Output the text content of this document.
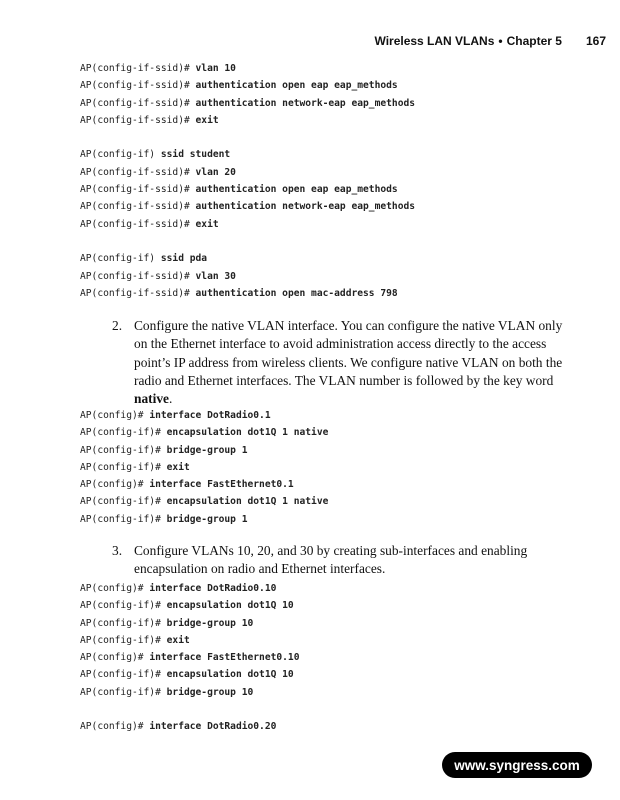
Wireless LAN VLANs • Chapter 5 167
AP(config-if-ssid)# vlan 10
AP(config-if-ssid)# authentication open eap eap_methods
AP(config-if-ssid)# authentication network-eap eap_methods
AP(config-if-ssid)# exit
AP(config-if) ssid student
AP(config-if-ssid)# vlan 20
AP(config-if-ssid)# authentication open eap eap_methods
AP(config-if-ssid)# authentication network-eap eap_methods
AP(config-if-ssid)# exit
AP(config-if) ssid pda
AP(config-if-ssid)# vlan 30
AP(config-if-ssid)# authentication open mac-address 798
2. Configure the native VLAN interface. You can configure the native VLAN only on the Ethernet interface to avoid administration access directly to the access point’s IP address from wireless clients. We configure native VLAN on both the radio and Ethernet interfaces. The VLAN number is followed by the key word native.
AP(config)# interface DotRadio0.1
AP(config-if)# encapsulation dot1Q 1 native
AP(config-if)# bridge-group 1
AP(config-if)# exit
AP(config)# interface FastEthernet0.1
AP(config-if)# encapsulation dot1Q 1 native
AP(config-if)# bridge-group 1
3. Configure VLANs 10, 20, and 30 by creating sub-interfaces and enabling encapsulation on radio and Ethernet interfaces.
AP(config)# interface DotRadio0.10
AP(config-if)# encapsulation dot1Q 10
AP(config-if)# bridge-group 10
AP(config-if)# exit
AP(config)# interface FastEthernet0.10
AP(config-if)# encapsulation dot1Q 10
AP(config-if)# bridge-group 10
AP(config)# interface DotRadio0.20
www.syngress.com
